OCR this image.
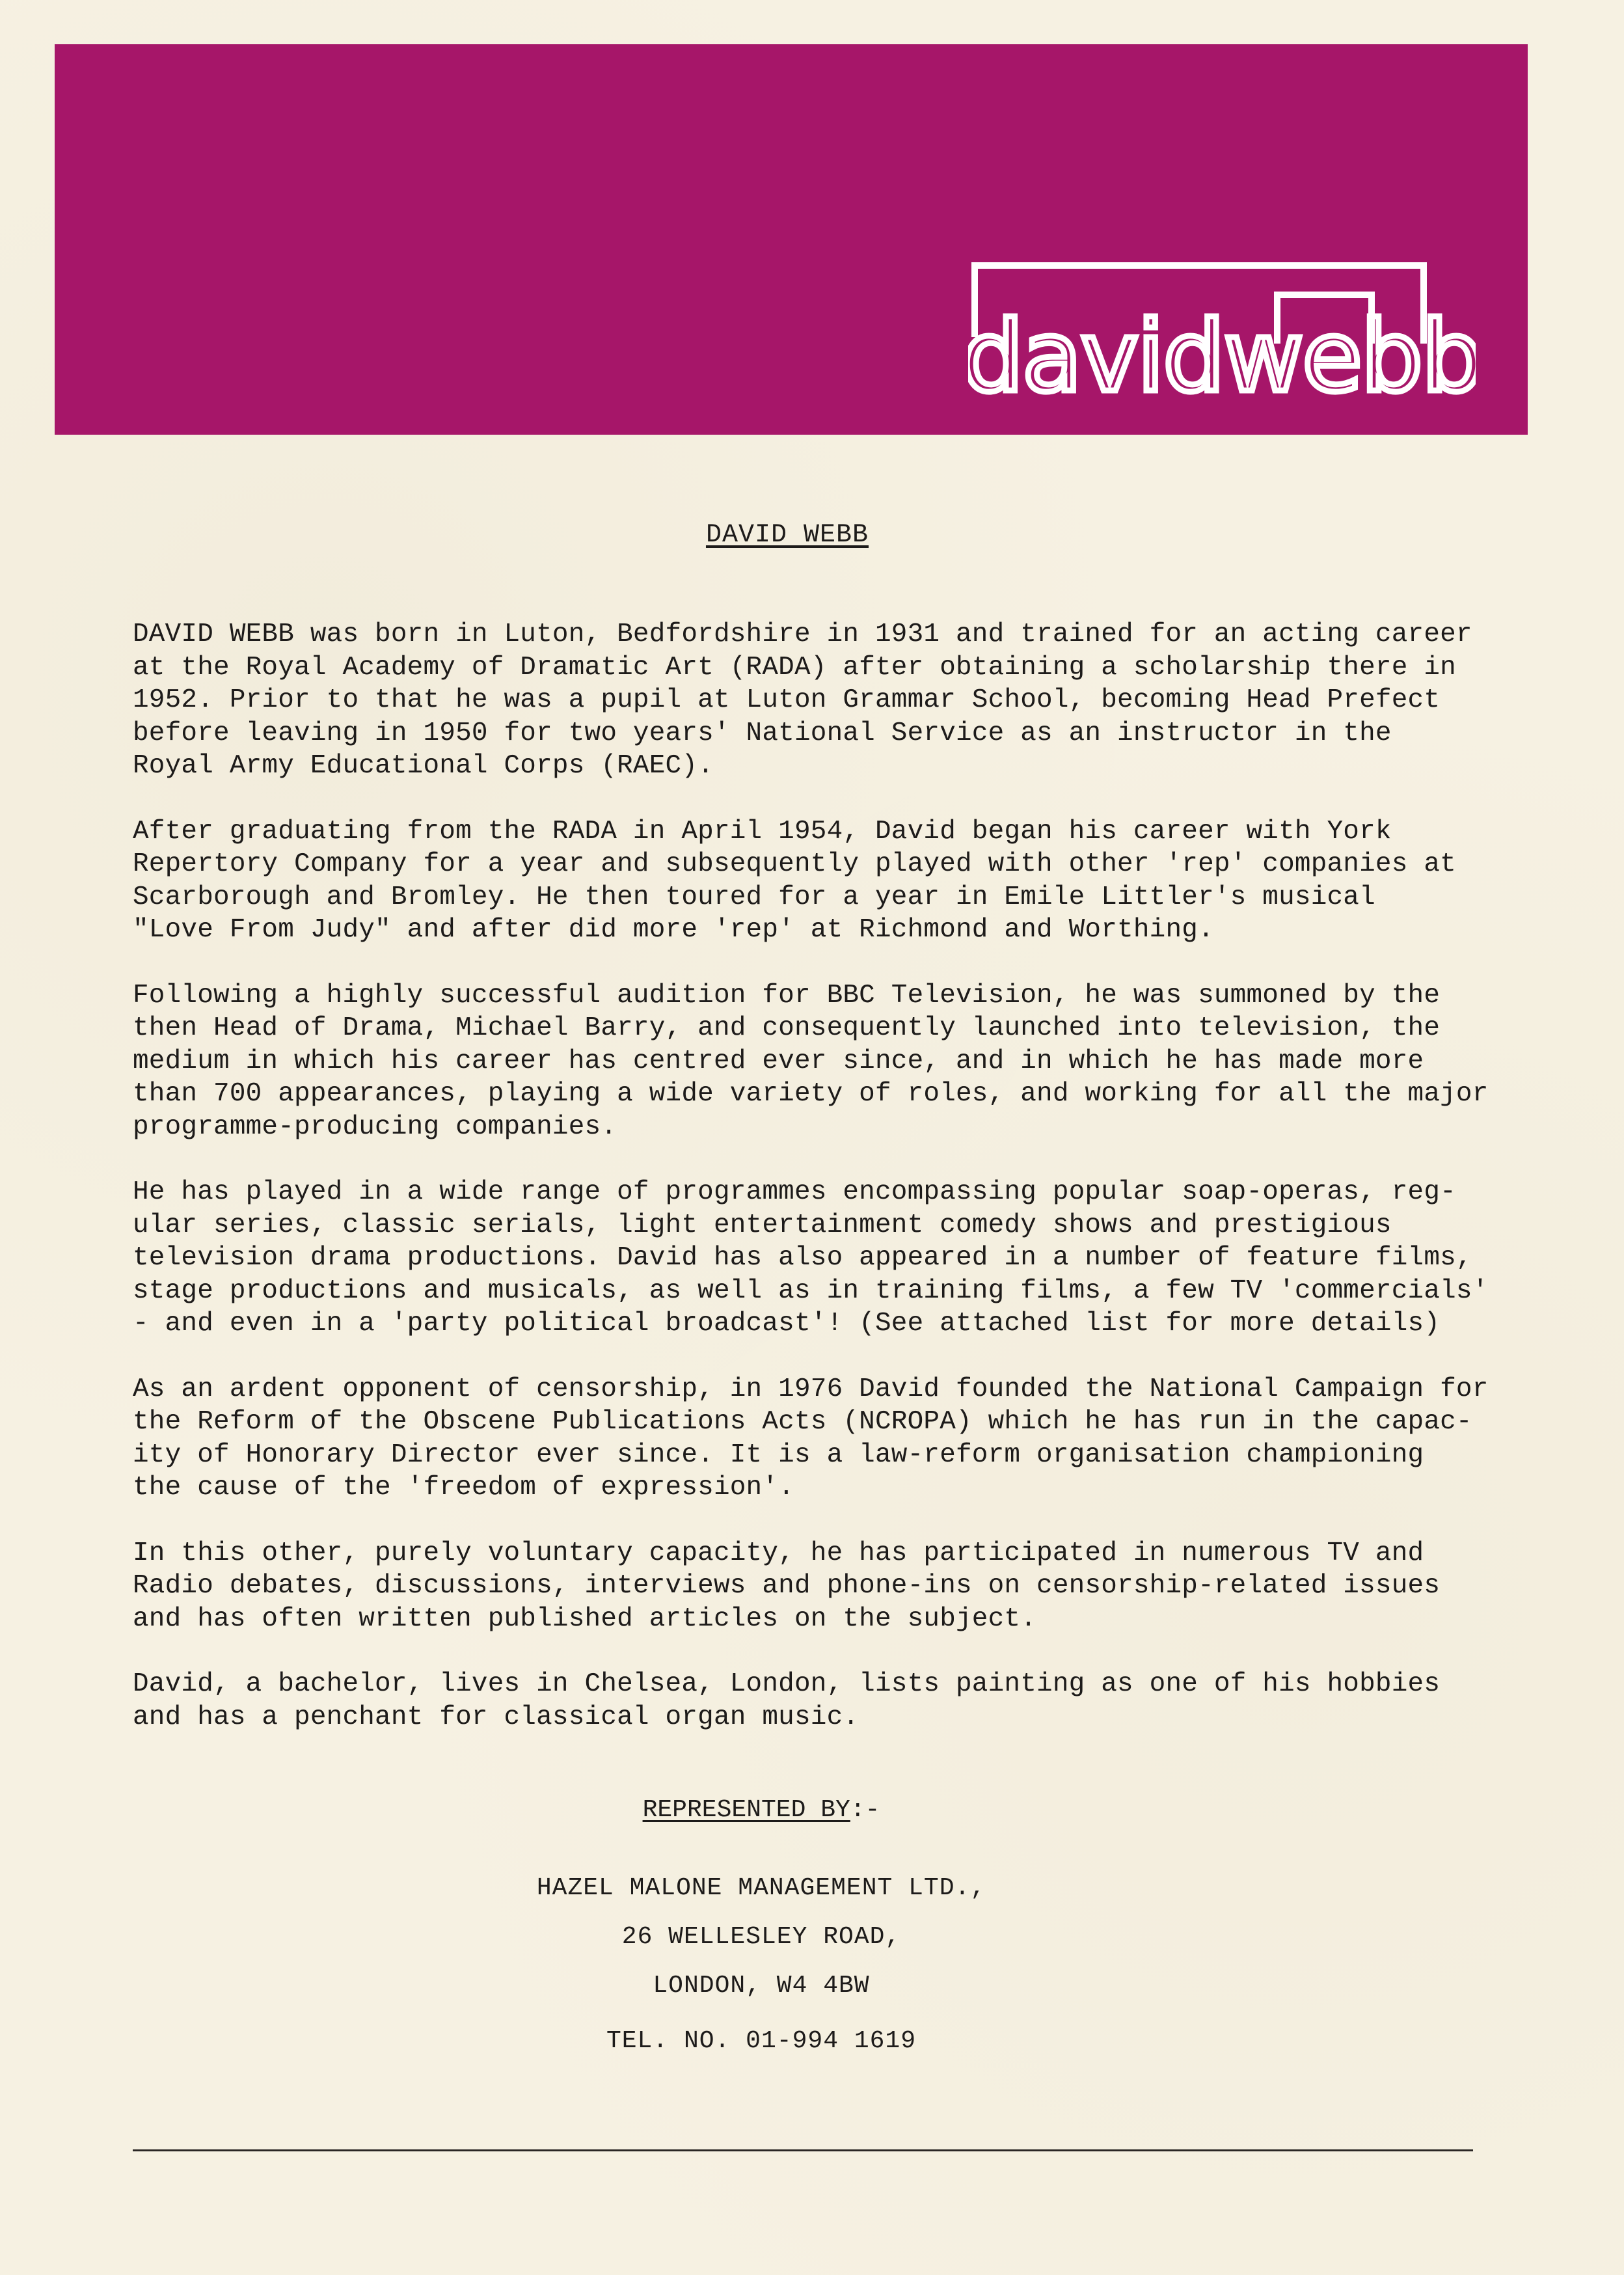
davidwebb
DAVID WEBB

DAVID WEBB was born in Luton, Bedfordshire in 1931 and trained for an acting career
at the Royal Academy of Dramatic Art (RADA) after obtaining a scholarship there in
1952. Prior to that he was a pupil at Luton Grammar School, becoming Head Prefect
before leaving in 1950 for two years' National Service as an instructor in the
Royal Army Educational Corps (RAEC).

After graduating from the RADA in April 1954, David began his career with York
Repertory Company for a year and subsequently played with other 'rep' companies at
Scarborough and Bromley. He then toured for a year in Emile Littler's musical
"Love From Judy" and after did more 'rep' at Richmond and Worthing.

Following a highly successful audition for BBC Television, he was summoned by the
then Head of Drama, Michael Barry, and consequently launched into television, the
medium in which his career has centred ever since, and in which he has made more
than 700 appearances, playing a wide variety of roles, and working for all the major
programme-producing companies.

He has played in a wide range of programmes encompassing popular soap-operas, reg-
ular series, classic serials, light entertainment comedy shows and prestigious
television drama productions. David has also appeared in a number of feature films,
stage productions and musicals, as well as in training films, a few TV 'commercials'
- and even in a 'party political broadcast'! (See attached list for more details)

As an ardent opponent of censorship, in 1976 David founded the National Campaign for
the Reform of the Obscene Publications Acts (NCROPA) which he has run in the capac-
ity of Honorary Director ever since. It is a law-reform organisation championing
the cause of the 'freedom of expression'.

In this other, purely voluntary capacity, he has participated in numerous TV and
Radio debates, discussions, interviews and phone-ins on censorship-related issues
and has often written published articles on the subject.

David, a bachelor, lives in Chelsea, London, lists painting as one of his hobbies
and has a penchant for classical organ music.

REPRESENTED BY:-
HAZEL MALONE MANAGEMENT LTD.,
26 WELLESLEY ROAD,
LONDON, W4 4BW
TEL. NO. 01-994 1619
